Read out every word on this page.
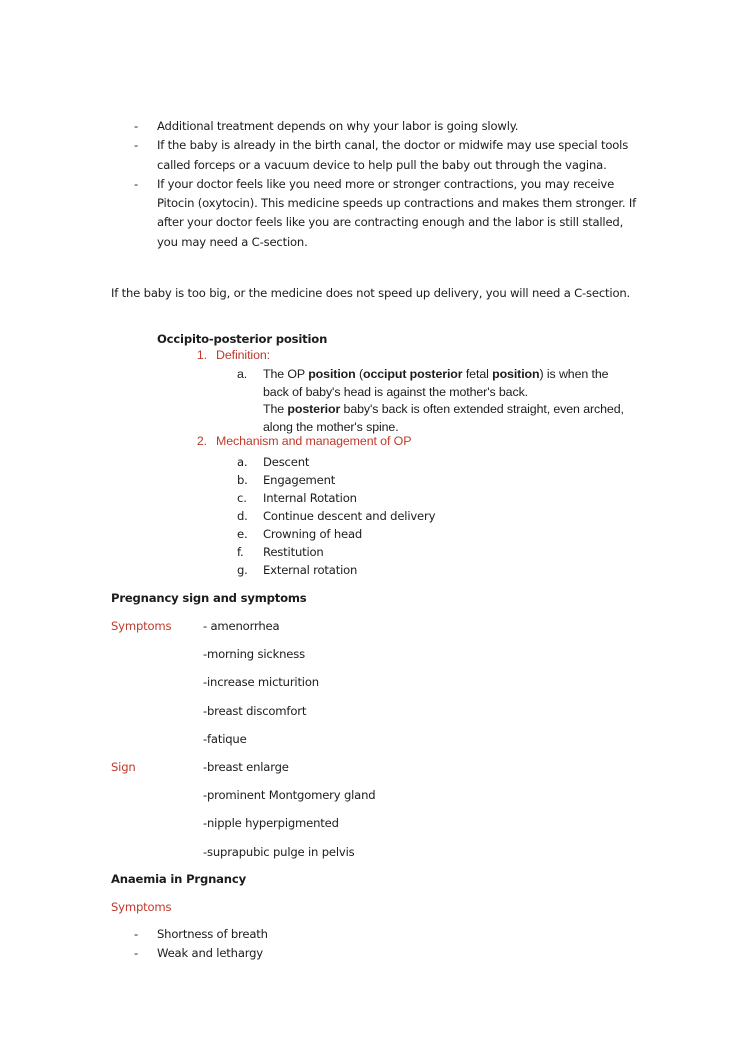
- Additional treatment depends on why your labor is going slowly.
- If the baby is already in the birth canal, the doctor or midwife may use special tools called forceps or a vacuum device to help pull the baby out through the vagina.
- If your doctor feels like you need more or stronger contractions, you may receive Pitocin (oxytocin). This medicine speeds up contractions and makes them stronger. If after your doctor feels like you are contracting enough and the labor is still stalled, you may need a C-section.
If the baby is too big, or the medicine does not speed up delivery, you will need a C-section.
Occipito-posterior position
1. Definition:
a.	The OP position (occiput posterior fetal position) is when the back of baby's head is against the mother's back.
The posterior baby's back is often extended straight, even arched, along the mother's spine.
2. Mechanism and management of OP
a.	Descent
b. Engagement
c.	Internal Rotation
d. Continue descent and delivery
e.	Crowning of head
f.	Restitution
g. External rotation
Pregnancy sign and symptoms
Symptoms	- amenorrhea
-morning sickness
-increase micturition
-breast discomfort
-fatique
Sign	-breast enlarge
-prominent Montgomery gland
-nipple hyperpigmented
-suprapubic pulge in pelvis
Anaemia in Prgnancy
Symptoms
- Shortness of breath
- Weak and lethargy
